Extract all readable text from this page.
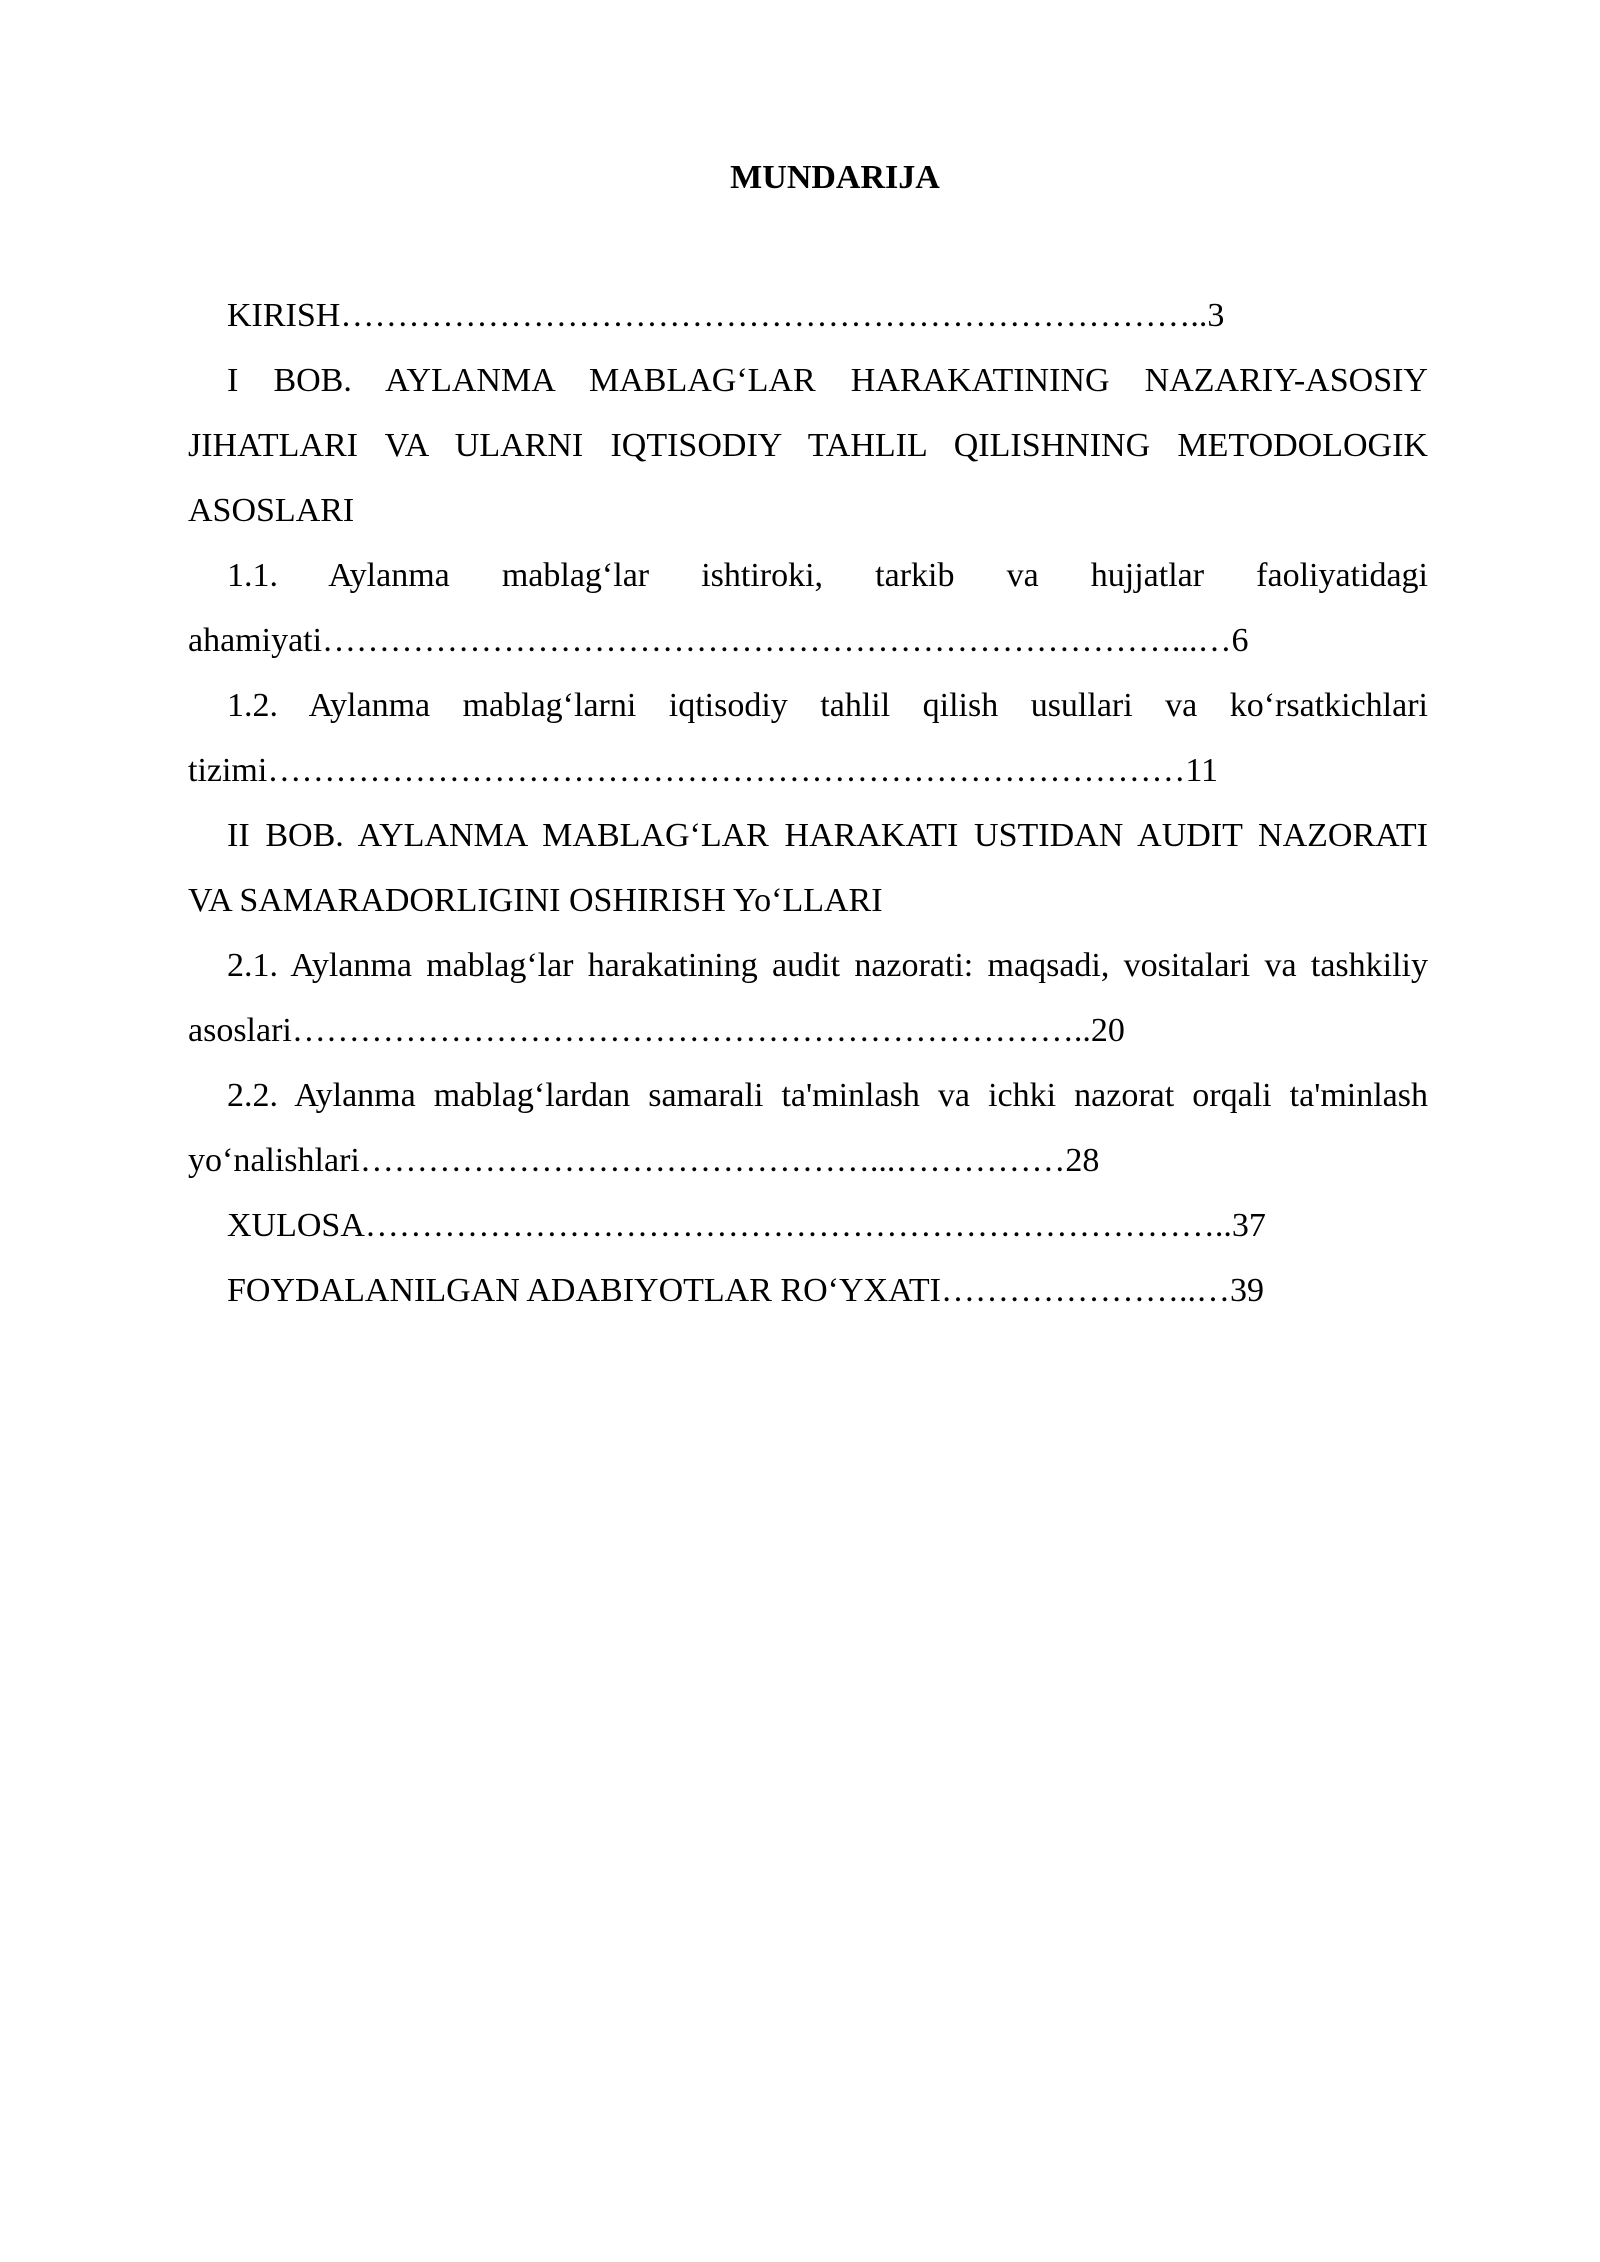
MUNDARIJA

KIRISH…………………………………………………………………..3

I BOB. AYLANMA MABLAG‘LAR HARAKATINING NAZARIY-ASOSIY JIHATLARI VA ULARNI IQTISODIY TAHLIL QILISHNING METODOLOGIK ASOSLARI

1.1. Aylanma mablag‘lar ishtiroki, tarkib va hujjatlar faoliyatidagi ahamiyati…………………………………………………………………...…6

1.2. Aylanma mablag‘larni iqtisodiy tahlil qilish usullari va ko‘rsatkichlari tizimi………………………………………………………………………11

II BOB. AYLANMA MABLAG‘LAR HARAKATI USTIDAN AUDIT NAZORATI VA SAMARADORLIGINI OSHIRISH Yo‘LLARI

2.1. Aylanma mablag‘lar harakatining audit nazorati: maqsadi, vositalari va tashkiliy asoslari……………………………………………………………..20

2.2. Aylanma mablag‘lardan samarali ta'minlash va ichki nazorat orqali ta'minlash yo‘nalishlari………………………………………...……………28

XULOSA…………………………………………………………………..37

FOYDALANILGAN ADABIYOTLAR RO‘YXATI…………………..…39
